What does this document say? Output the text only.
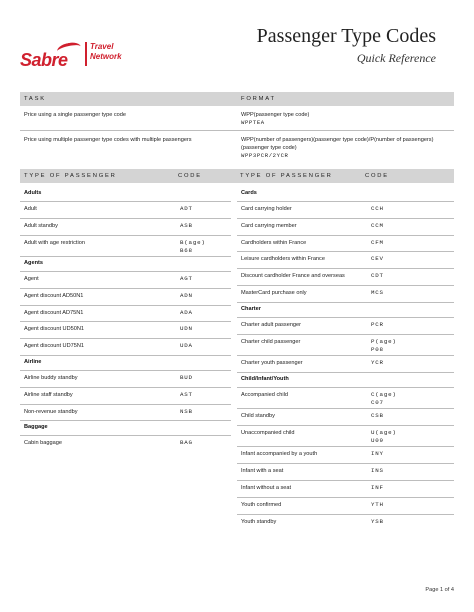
Sabre
Travel
Network
Passenger Type Codes
Quick Reference
TASK	FORMAT
Price using a single passenger type code	WPP(passenger type code)
WPPTEA
Price using multiple passenger type codes with multiple passengers	WPP(number of passengers)(passenger type code)/P(number of passengers)(passenger type code)
WPP3PCR/2YCR
TYPE OF PASSENGER	CODE	TYPE OF PASSENGER	CODE
Adults
Adult	ADT
Adult standby	ASB
Adult with age restriction	B(age)
B68
Agents
Agent	AGT
Agent discount AD50N1	ADN
Agent discount AD75N1	ADA
Agent discount UD50N1	UDN
Agent discount UD75N1	UDA
Airline
Airline buddy standby	BUD
Airline staff standby	AST
Non-revenue standby	NSB
Baggage
Cabin baggage	BAG
Cards
Card carrying holder	CCH
Card carrying member	CCM
Cardholders within France	CFM
Leisure cardholders within France	CEV
Discount cardholder France and overseas	CDT
MasterCard purchase only	MCS
Charter
Charter adult passenger	PCR
Charter child passenger	P(age)
P08
Charter youth passenger	YCR
Child/Infant/Youth
Accompanied child	C(age)
C07
Child standby	CSB
Unaccompanied child	U(age)
U09
Infant accompanied by a youth	INY
Infant with a seat	INS
Infant without a seat	INF
Youth confirmed	YTH
Youth standby	YSB
Page 1 of 4
